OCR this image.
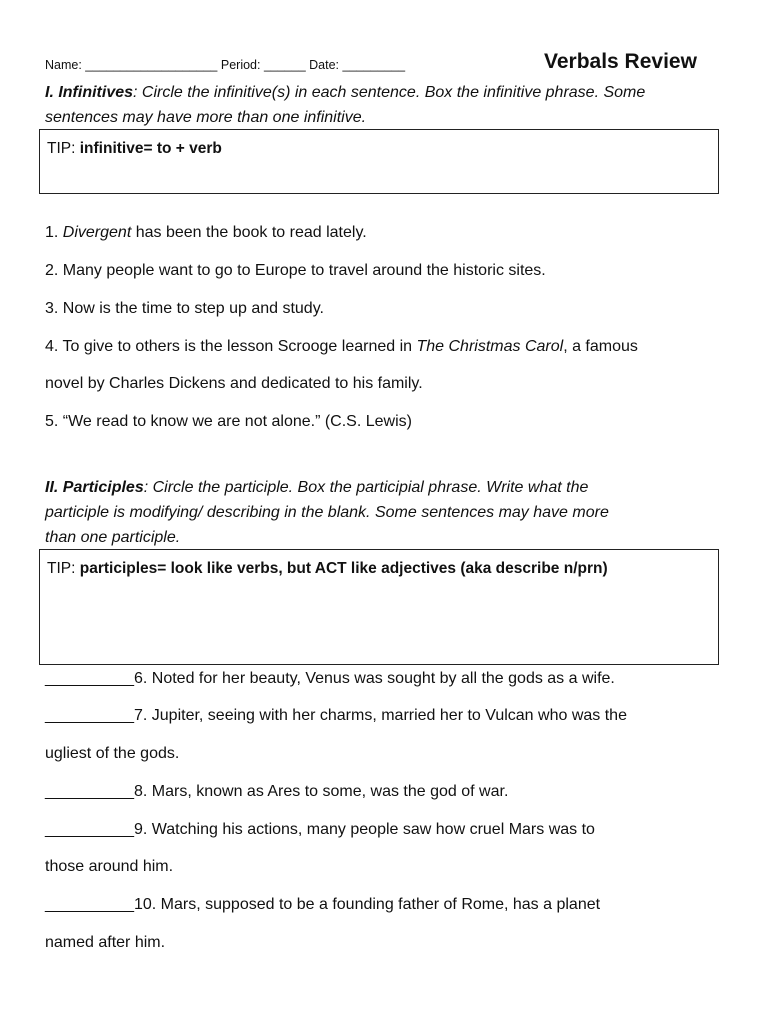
Name: ___________________ Period: ______ Date: _________	Verbals Review
I. Infinitives: Circle the infinitive(s) in each sentence. Box the infinitive phrase. Some
sentences may have more than one infinitive.
TIP: infinitive= to + verb
1. Divergent has been the book to read lately.
2. Many people want to go to Europe to travel around the historic sites.
3. Now is the time to step up and study.
4. To give to others is the lesson Scrooge learned in The Christmas Carol, a famous
novel by Charles Dickens and dedicated to his family.
5. “We read to know we are not alone.” (C.S. Lewis)
II. Participles: Circle the participle. Box the participial phrase. Write what the
participle is modifying/ describing in the blank. Some sentences may have more
than one participle.
TIP: participles= look like verbs, but ACT like adjectives (aka describe n/prn)
__________6. Noted for her beauty, Venus was sought by all the gods as a wife.
__________7. Jupiter, seeing with her charms, married her to Vulcan who was the
ugliest of the gods.
__________8. Mars, known as Ares to some, was the god of war.
__________9. Watching his actions, many people saw how cruel Mars was to
those around him.
__________10. Mars, supposed to be a founding father of Rome, has a planet
named after him.
